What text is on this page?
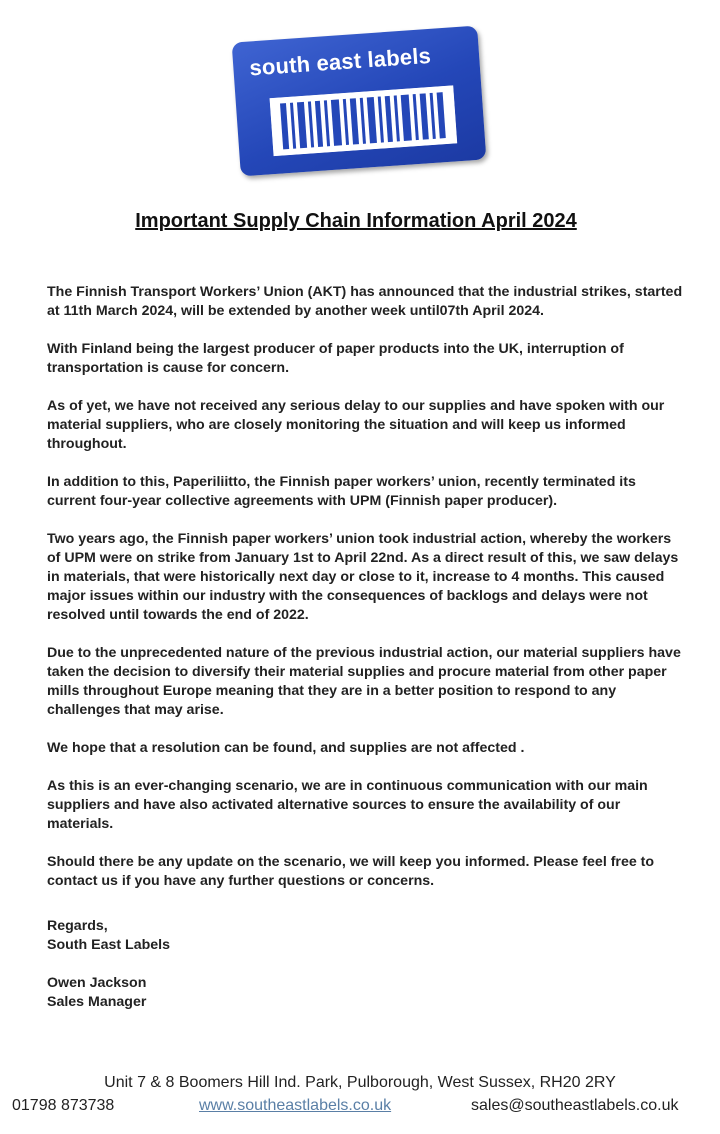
south east labels
Important Supply Chain Information April 2024

The Finnish Transport Workers’ Union (AKT) has announced that the industrial strikes, started at 11th March 2024, will be extended by another week until07th April 2024.

With Finland being the largest producer of paper products into the UK, interruption of transportation is cause for concern.

As of yet, we have not received any serious delay to our supplies and have spoken with our material suppliers, who are closely monitoring the situation and will keep us informed throughout.

In addition to this, Paperiliitto, the Finnish paper workers’ union, recently terminated its current four-year collective agreements with UPM (Finnish paper producer).

Two years ago, the Finnish paper workers’ union took industrial action, whereby the workers of UPM were on strike from January 1st to April 22nd. As a direct result of this, we saw delays in materials, that were historically next day or close to it, increase to 4 months. This caused major issues within our industry with the consequences of backlogs and delays were not resolved until towards the end of 2022.

Due to the unprecedented nature of the previous industrial action, our material suppliers have taken the decision to diversify their material supplies and procure material from other paper mills throughout Europe meaning that they are in a better position to respond to any challenges that may arise.

We hope that a resolution can be found, and supplies are not affected .

As this is an ever-changing scenario, we are in continuous communication with our main suppliers and have also activated alternative sources to ensure the availability of our materials.

Should there be any update on the scenario, we will keep you informed. Please feel free to contact us if you have any further questions or concerns.

Regards,
South East Labels
Owen Jackson
Sales Manager
Unit 7 & 8 Boomers Hill Ind. Park, Pulborough, West Sussex, RH20 2RY
01798 873738	www.southeastlabels.co.uk	sales@southeastlabels.co.uk
